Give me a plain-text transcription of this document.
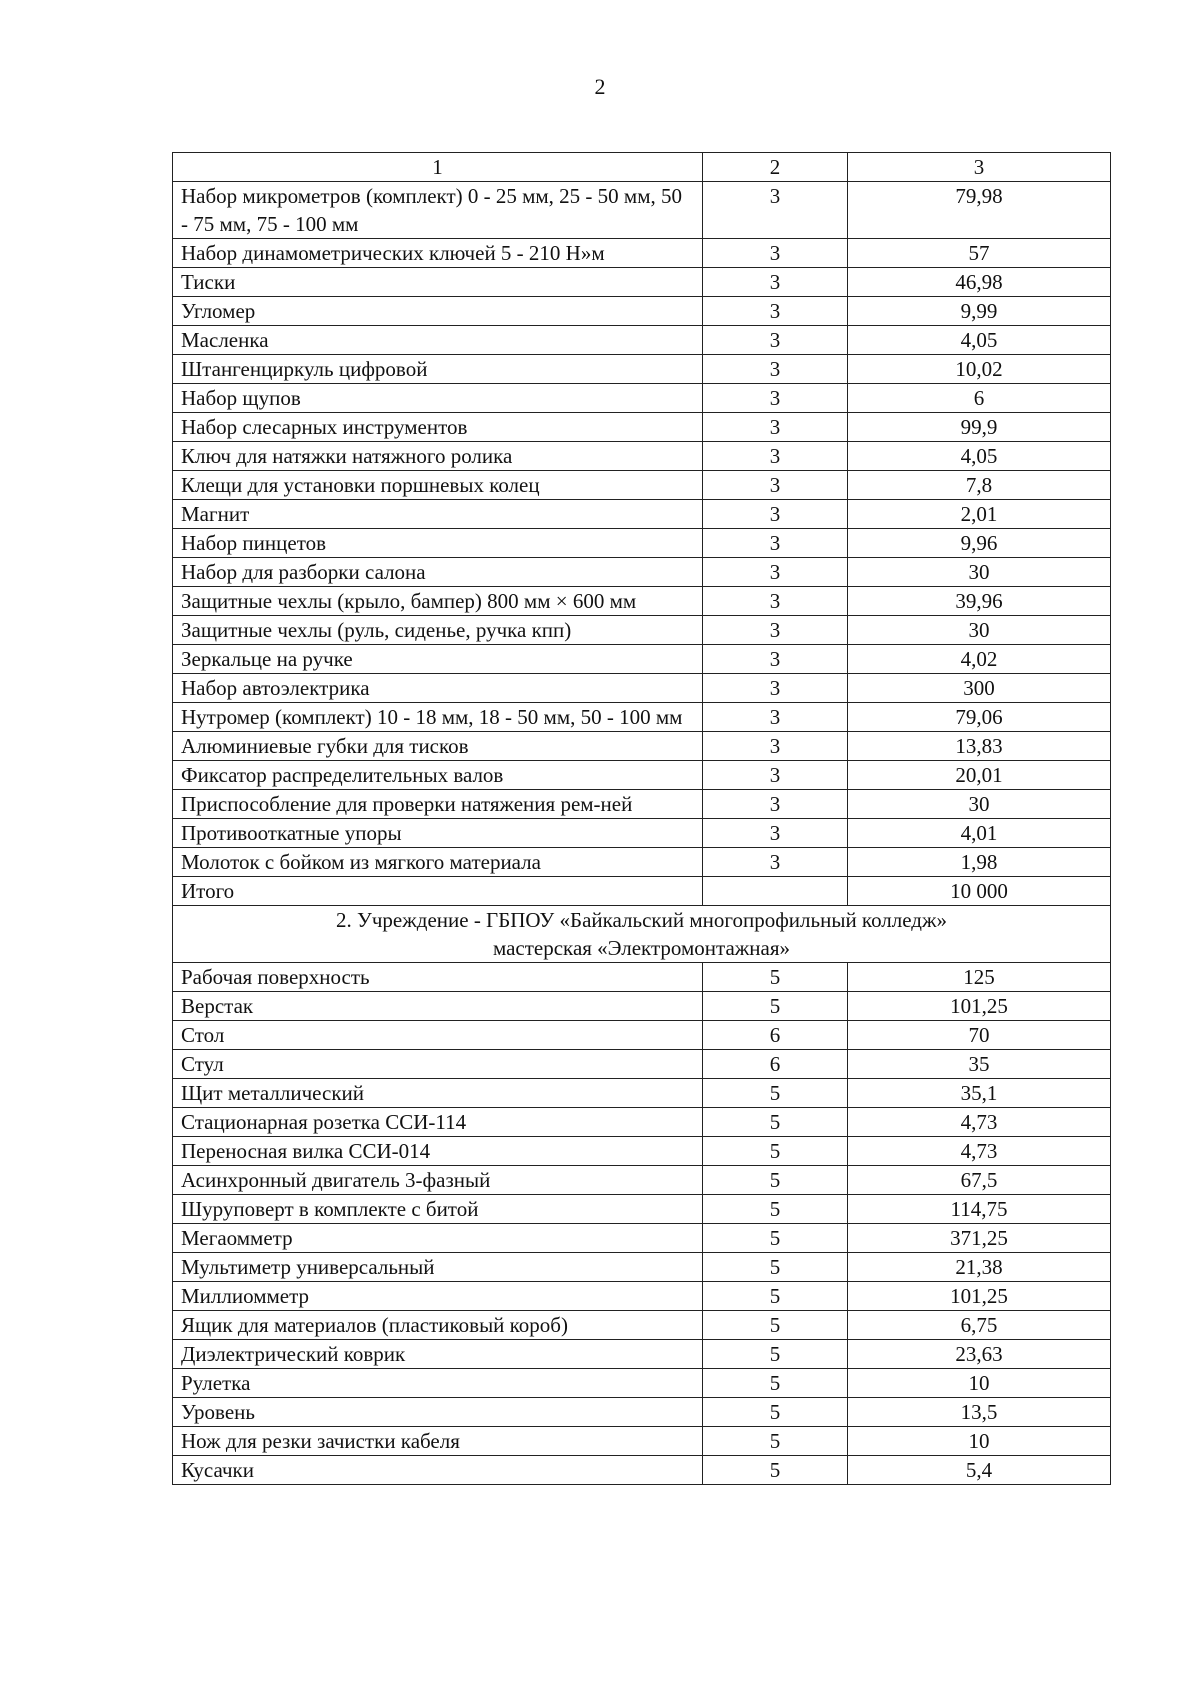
2
1	2	3
Набор микрометров (комплект) 0 - 25 мм, 25 - 50 мм, 50 - 75 мм, 75 - 100 мм	3	79,98
Набор динамометрических ключей 5 - 210 Н»м	3	57
Тиски	3	46,98
Угломер	3	9,99
Масленка	3	4,05
Штангенциркуль цифровой	3	10,02
Набор щупов	3	6
Набор слесарных инструментов	3	99,9
Ключ для натяжки натяжного ролика	3	4,05
Клещи для установки поршневых колец	3	7,8
Магнит	3	2,01
Набор пинцетов	3	9,96
Набор для разборки салона	3	30
Защитные чехлы (крыло, бампер) 800 мм × 600 мм	3	39,96
Защитные чехлы (руль, сиденье, ручка кпп)	3	30
Зеркальце на ручке	3	4,02
Набор автоэлектрика	3	300
Нутромер (комплект) 10 - 18 мм, 18 - 50 мм, 50 - 100 мм	3	79,06
Алюминиевые губки для тисков	3	13,83
Фиксатор распределительных валов	3	20,01
Приспособление для проверки натяжения рем-ней	3	30
Противооткатные упоры	3	4,01
Молоток с бойком из мягкого материала	3	1,98
Итого		10 000

2. Учреждение - ГБПОУ «Байкальский многопрофильный колледж»
мастерская «Электромонтажная»		

Рабочая поверхность	5	125
Верстак	5	101,25
Стол	6	70
Стул	6	35
Щит металлический	5	35,1
Стационарная розетка ССИ-114	5	4,73
Переносная вилка ССИ-014	5	4,73
Асинхронный двигатель 3-фазный	5	67,5
Шуруповерт в комплекте с битой	5	114,75
Мегаомметр	5	371,25
Мультиметр универсальный	5	21,38
Миллиомметр	5	101,25
Ящик для материалов (пластиковый короб)	5	6,75
Диэлектрический коврик	5	23,63
Рулетка	5	10
Уровень	5	13,5
Нож для резки зачистки кабеля	5	10
Кусачки	5	5,4
